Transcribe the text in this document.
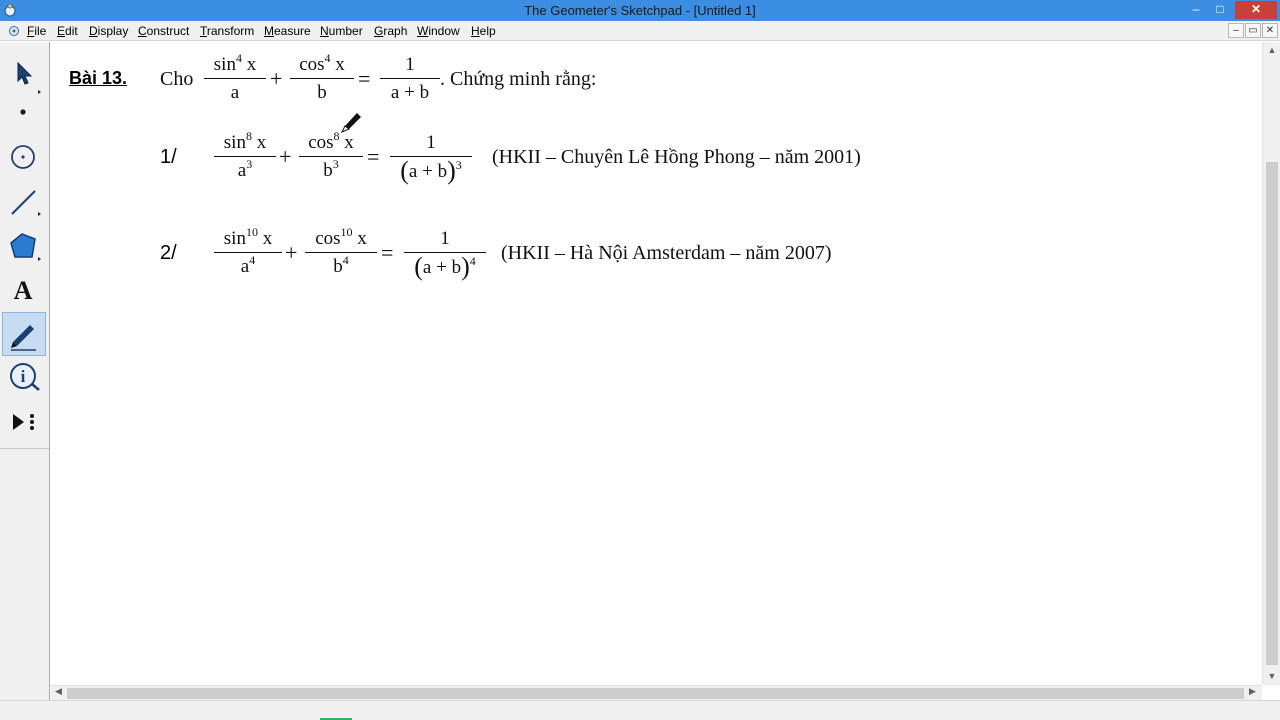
The Geometer's Sketchpad - [Untitled 1]	–	□	✕
File Edit Display Construct Transform Measure Number Graph Window Help	– ▭ ✕
A
i
Bài 13. Cho
$\sin^4 x$
a
+
$\cos^4 x$
b
=
1
a + b
. Chứng minh rằng:
1/
$\sin^8 x$
$a^3$	+
$\cos^8 x$
$b^3$	=
1
$(a + b)^3$	(HKII – Chuyên Lê Hồng Phong – năm 2001)
2/
$\sin^{10} x$
$a^4$	+
$\cos^{10} x$
$b^4$	=
1
$(a + b)^4$	(HKII – Hà Nội Amsterdam – năm 2007)
▲
▼
◀	▶
